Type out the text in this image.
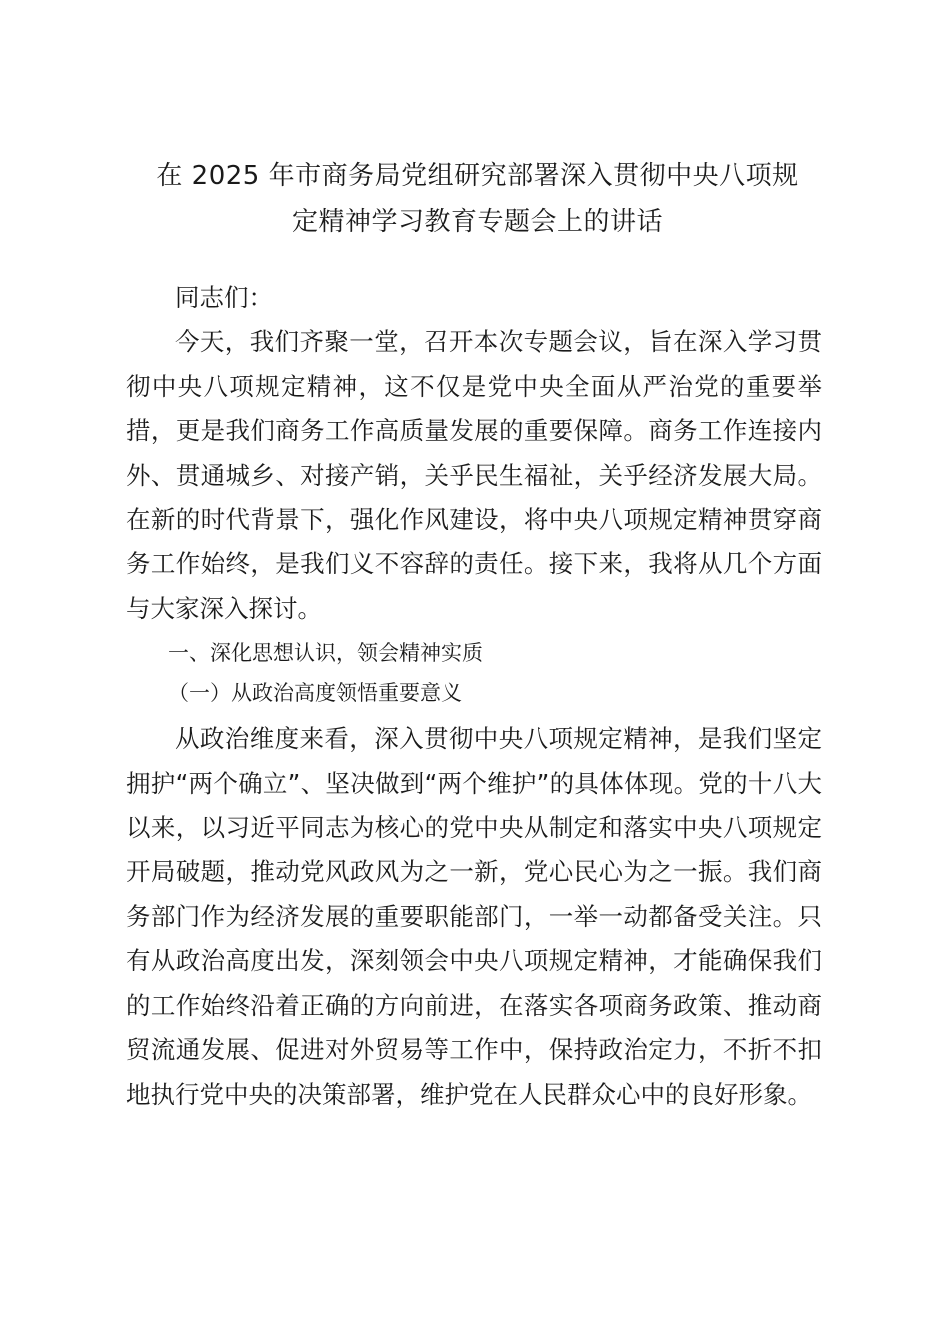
在 2025 年市商务局党组研究部署深入贯彻中央八项规
定精神学习教育专题会上的讲话

同志们：

今天，我们齐聚一堂，召开本次专题会议，旨在深入学习贯彻中央八项规定精神，这不仅是党中央全面从严治党的重要举措，更是我们商务工作高质量发展的重要保障。商务工作连接内外、贯通城乡、对接产销，关乎民生福祉，关乎经济发展大局。在新的时代背景下，强化作风建设，将中央八项规定精神贯穿商务工作始终，是我们义不容辞的责任。接下来，我将从几个方面与大家深入探讨。

一、深化思想认识，领会精神实质

（一）从政治高度领悟重要意义

从政治维度来看，深入贯彻中央八项规定精神，是我们坚定拥护“两个确立”、坚决做到“两个维护”的具体体现。党的十八大以来，以习近平同志为核心的党中央从制定和落实中央八项规定开局破题，推动党风政风为之一新，党心民心为之一振。我们商务部门作为经济发展的重要职能部门，一举一动都备受关注。只有从政治高度出发，深刻领会中央八项规定精神，才能确保我们的工作始终沿着正确的方向前进，在落实各项商务政策、推动商贸流通发展、促进对外贸易等工作中，保持政治定力，不折不扣地执行党中央的决策部署，维护党在人民群众心中的良好形象。
